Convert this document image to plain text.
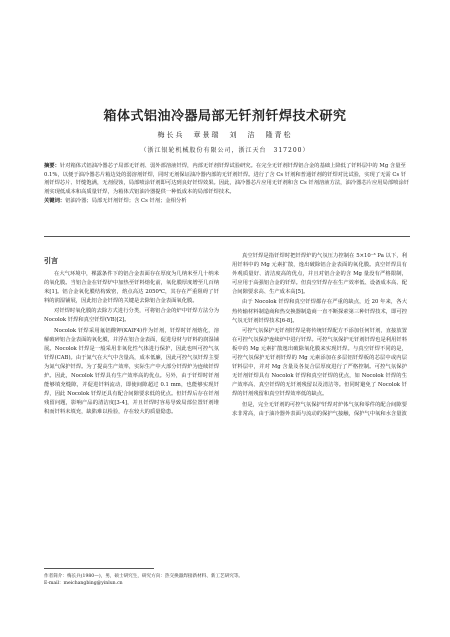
箱体式铝油冷器局部无钎剂钎焊技术研究
梅长兵　章景瑞　刘　洁　隆青松
（浙江银轮机械股份有限公司，浙江天台　317200）
摘要：针对箱体式铝油冷器芯子局部无钎剂、弱外部溶液钎焊，内部无钎剂钎焊试验研究。在完全无钎剂钎焊铝合金的基础上降低了钎料层中的 Mg 含量至 0.1%，以便于油冷器芯片箱边处的弱溶剂钎焊，同时无剂保证油冷器内部的无钎剂钎焊。进行了含 Cs 钎剂和普通钎剂的钎焊对比试验，实现了无需 Cs 钎剂钎焊芯片、钎缝饱满，无剂侵蚀，局部喷涂钎剂即可达到良好钎焊效果。因此，油冷器芯片应用无钎剂和含 Cs 钎剂溶液方法，油冷器芯片应用局部喷涂钎剂实现低成本和高质量钎焊，为箱体式铝油冷器提供一种低成本的局部钎焊技术。
关键词：铝油冷器；局部无钎剂钎焊；含 Cs 钎剂；金相分析
引言

在大气环境中，裸露条件下的铝合金表面存在厚度为几纳米至几十纳米的氧化膜。当铝合金在钎焊炉中加热至钎料熔化前，氧化膜厚度增至几百纳米[1]。铝合金氧化膜结构致密，熔点高达 2050℃，其存在严重阻碍了钎料的润湿铺展，因此铝合金钎焊的关键是去除铝合金表面氧化膜。

对钎焊时氧化膜的去除方式进行分类，可将铝合金的炉中钎焊方法分为 Nocolok 钎焊和真空钎焊(VB)[2]。

Nocolok 钎焊采用氟铝酸钾(KAlF4)作为钎剂，钎焊时钎剂熔化，溶解破碎铝合金表面的氧化膜，并浮在铝合金表面，促进母材与钎料的润湿铺展。Nocolok 钎焊是一般采用非氧化性气体进行保护，因此也叫可控气氛钎焊(CAB)。由于氮气在大气中含量高，成本低廉，因此可控气氛钎焊主要为氮气保护钎焊。为了提高生产效率，实际生产中大部分钎焊炉为连续钎焊炉。因此，Nocolok 钎焊具有生产效率高的优点。另外，由于钎焊时钎剂能够填充缝隙，并促进钎料流动，即使间隙超过 0.1 mm，也能够实现钎焊，因此 Nocolok 钎焊还具有配合间隙要求低的优点。但钎焊后存在钎剂残留问题，影响产品的清洁度[3-4]，并且钎焊时容易导致局部位置钎剂堆积而钎料未填充，缺陷难以检验，存在较大的质量隐患。

真空钎焊是指钎焊时把钎焊炉的气氛压力控制在 5×10⁻³ Pa 以下，利用钎料中的 Mg 元素扩散，逸出破除铝合金表面的氧化膜。真空钎焊具有外观质量好、清洁度高的优点，并且对铝合金的含 Mg 量没有严格限制，可应用于高强铝合金的钎焊。但真空钎焊存在生产效率低、设备成本高、配合间隙要求高、生产成本高[5]。

由于 Nocolok 钎焊和真空钎焊都存在严重的缺点，近 20 年来，各大热传输材料制造商和热交换器制造商一直不断探索第三种钎焊技术，即可控气氛无钎剂钎焊技术[6-8]。

可控气氛保护无钎剂钎焊是将传统钎焊配方不添加任何钎剂，直接放置在可控气氛保护连续炉中进行钎焊。可控气氛保护无钎剂钎焊也是利用钎料板中的 Mg 元素扩散逸出破除氧化膜来实现钎焊。与真空钎焊不同的是，可控气氛保护无钎剂钎焊的 Mg 元素添加在多层铝钎焊板的芯层中或内层钎料层中，并对 Mg 含量及各复合层厚度进行了严格控制。可控气氛保护无钎剂钎焊具有 Nocolok 钎焊和真空钎焊的优点，如 Nocolok 钎焊的生产效率高、真空钎焊的无钎剂残留以及清洁等。但同时避免了 Nocolok 钎焊的钎剂残留和真空钎焊效率低的缺点。

但是，完全无钎剂的可控气氛保护钎焊对炉体气氛和零件的配合间隙要求非常高，由于油冷器外表面与流动的保护气接触，保护气中氧和水含量波

作者简介：梅长兵(1980—)，男，硕士研究生，研究方向：热交换器焊接新材料、新工艺研究等。
E-mail：meichangbing@yinlun.cn
